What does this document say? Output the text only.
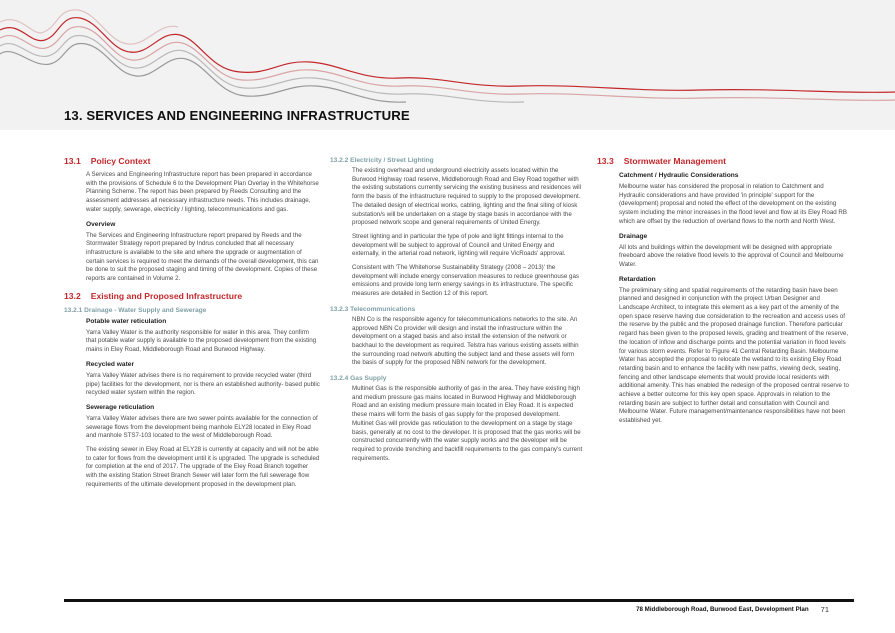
13. SERVICES AND ENGINEERING INFRASTRUCTURE
13.1 Policy Context

A Services and Engineering Infrastructure report has been prepared in accordance with the provisions of Schedule 6 to the Development Plan Overlay in the Whitehorse Planning Scheme. The report has been prepared by Reeds Consulting and the assessment addresses all necessary infrastructure needs. This includes drainage, water supply, sewerage, electricity / lighting, telecommunications and gas.

Overview

The Services and Engineering Infrastructure report prepared by Reeds and the Stormwater Strategy report prepared by Indrus concluded that all necessary infrastructure is available to the site and where the upgrade or augmentation of certain services is required to meet the demands of the overall development, this can be done to suit the proposed staging and timing of the development. Copies of these reports are contained in Volume 2.

13.2 Existing and Proposed Infrastructure
13.2.1 Drainage - Water Supply and Sewerage
Potable water reticulation

Yarra Valley Water is the authority responsible for water in this area. They confirm that potable water supply is available to the proposed development from the existing mains in Eley Road, Middleborough Road and Burwood Highway.

Recycled water

Yarra Valley Water advises there is no requirement to provide recycled water (third pipe) facilities for the development, nor is there an established authority- based public recycled water system within the region.

Sewerage reticulation

Yarra Valley Water advises there are two sewer points available for the connection of sewerage flows from the development being manhole ELY28 located in Eley Road and manhole STS7-103 located to the west of Middleborough Road.

The existing sewer in Eley Road at ELY28 is currently at capacity and will not be able to cater for flows from the development until it is upgraded. The upgrade is scheduled for completion at the end of 2017. The upgrade of the Eley Road Branch together with the existing Station Street Branch Sewer will later form the full sewerage flow requirements of the ultimate development proposed in the development plan.

13.2.2 Electricity / Street Lighting

The existing overhead and underground electricity assets located within the Burwood Highway road reserve, Middleborough Road and Eley Road together with the existing substations currently servicing the existing business and residences will form the basis of the infrastructure required to supply to the proposed development. The detailed design of electrical works, cabling, lighting and the final siting of kiosk substation/s will be undertaken on a stage by stage basis in accordance with the proposed network scope and general requirements of United Energy.

Street lighting and in particular the type of pole and light fittings internal to the development will be subject to approval of Council and United Energy and externally, in the arterial road network, lighting will require VicRoads' approval.

Consistent with 'The Whitehorse Sustainability Strategy (2008 – 2013)' the development will include energy conservation measures to reduce greenhouse gas emissions and provide long term energy savings in its infrastructure. The specific measures are detailed in Section 12 of this report.

13.2.3 Telecommunications

NBN Co is the responsible agency for telecommunications networks to the site. An approved NBN Co provider will design and install the infrastructure within the development on a staged basis and also install the extension of the network or backhaul to the development as required. Telstra has various existing assets within the surrounding road network abutting the subject land and these assets will form the basis of supply for the proposed NBN network for the development.

13.2.4 Gas Supply

Multinet Gas is the responsible authority of gas in the area. They have existing high and medium pressure gas mains located in Burwood Highway and Middleborough Road and an existing medium pressure main located in Eley Road. It is expected these mains will form the basis of gas supply for the proposed development. Multinet Gas will provide gas reticulation to the development on a stage by stage basis, generally at no cost to the developer. It is proposed that the gas works will be constructed concurrently with the water supply works and the developer will be required to provide trenching and backfill requirements to the gas company's current requirements.

13.3 Stormwater Management
Catchment / Hydraulic Considerations

Melbourne water has considered the proposal in relation to Catchment and Hydraulic considerations and have provided 'in principle' support for the (development) proposal and noted the effect of the development on the existing system including the minor increases in the flood level and flow at its Eley Road RB which are offset by the reduction of overland flows to the north and North West.

Drainage

All lots and buildings within the development will be designed with appropriate freeboard above the relative flood levels to the approval of Council and Melbourne Water.

Retardation

The preliminary siting and spatial requirements of the retarding basin have been planned and designed in conjunction with the project Urban Designer and Landscape Architect, to integrate this element as a key part of the amenity of the open space reserve having due consideration to the recreation and access uses of the reserve by the public and the proposed drainage function. Therefore particular regard has been given to the proposed levels, grading and treatment of the reserve, the location of inflow and discharge points and the potential variation in flood levels for various storm events. Refer to Figure 41 Central Retarding Basin. Melbourne Water has accepted the proposal to relocate the wetland to its existing Eley Road retarding basin and to enhance the facility with new paths, viewing deck, seating, fencing and other landscape elements that would provide local residents with additional amenity. This has enabled the redesign of the proposed central reserve to achieve a better outcome for this key open space. Approvals in relation to the retarding basin are subject to further detail and consultation with Council and Melbourne Water. Future management/maintenance responsibilities have not been established yet.

78 Middleborough Road, Burwood East, Development Plan 71
